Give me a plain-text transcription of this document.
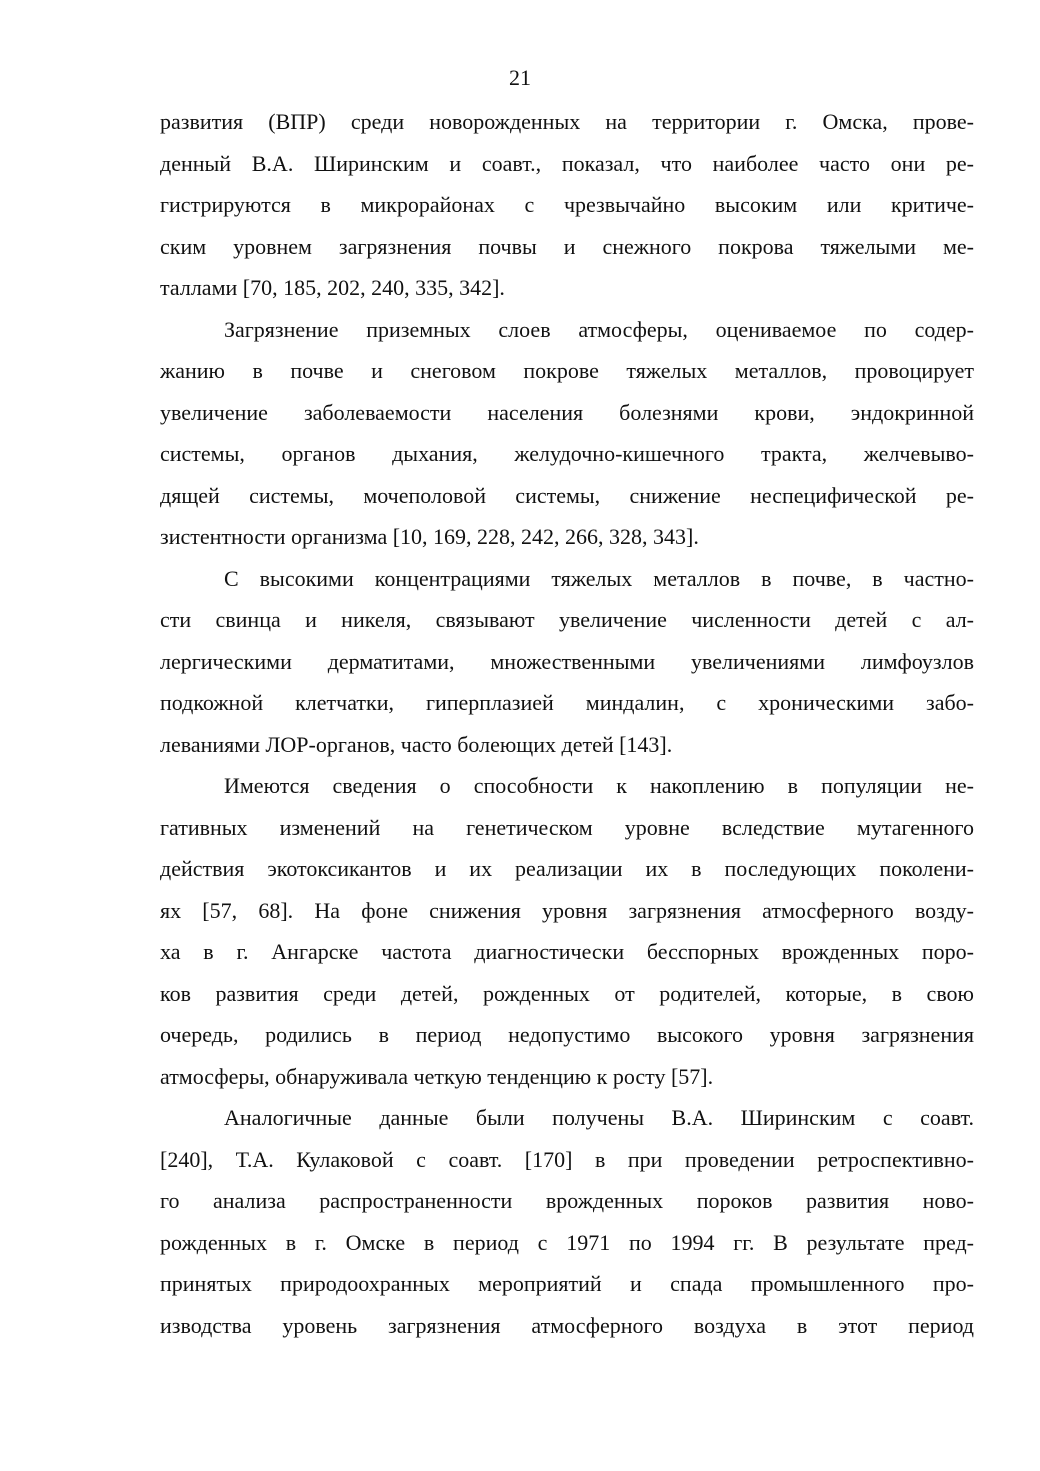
21
развития (ВПР) среди новорожденных на территории г. Омска, прове-
денный В.А. Ширинским и соавт., показал, что наиболее часто они ре-
гистрируются в микрорайонах с чрезвычайно высоким или критиче-
ским уровнем загрязнения почвы и снежного покрова тяжелыми ме-
таллами [70, 185, 202, 240, 335, 342].
Загрязнение приземных слоев атмосферы, оцениваемое по содер-
жанию в почве и снеговом покрове тяжелых металлов, провоцирует
увеличение заболеваемости населения болезнями крови, эндокринной
системы, органов дыхания, желудочно-кишечного тракта, желчевыво-
дящей системы, мочеполовой системы, снижение неспецифической ре-
зистентности организма [10, 169, 228, 242, 266, 328, 343].
С высокими концентрациями тяжелых металлов в почве, в частно-
сти свинца и никеля, связывают увеличение численности детей с ал-
лергическими дерматитами, множественными увеличениями лимфоузлов
подкожной клетчатки, гиперплазией миндалин, с хроническими забо-
леваниями ЛОР-органов, часто болеющих детей [143].
Имеются сведения о способности к накоплению в популяции не-
гативных изменений на генетическом уровне вследствие мутагенного
действия экотоксикантов и их реализации их в последующих поколени-
ях [57, 68]. На фоне снижения уровня загрязнения атмосферного возду-
ха в г. Ангарске частота диагностически бесспорных врожденных поро-
ков развития среди детей, рожденных от родителей, которые, в свою
очередь, родились в период недопустимо высокого уровня загрязнения
атмосферы, обнаруживала четкую тенденцию к росту [57].
Аналогичные данные были получены В.А. Ширинским с соавт.
[240], Т.А. Кулаковой с соавт. [170] в при проведении ретроспективно-
го анализа распространенности врожденных пороков развития ново-
рожденных в г. Омске в период с 1971 по 1994 гг. В результате пред-
принятых природоохранных мероприятий и спада промышленного про-
изводства уровень загрязнения атмосферного воздуха в этот период
